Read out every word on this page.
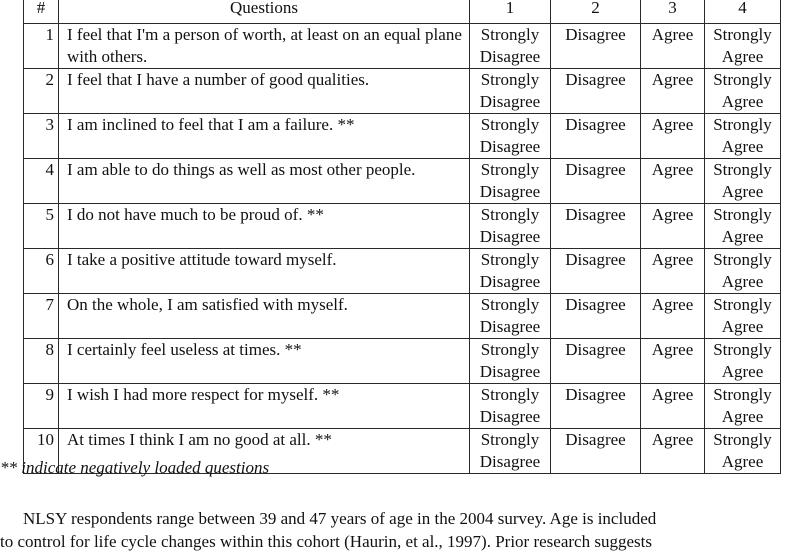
#	Questions	1	2	3	4
1	I feel that I'm a person of worth, at least on an equal plane with others.	Strongly Disagree	Disagree	Agree	Strongly Agree
2	I feel that I have a number of good qualities.	Strongly Disagree	Disagree	Agree	Strongly Agree
3	I am inclined to feel that I am a failure. **	Strongly Disagree	Disagree	Agree	Strongly Agree
4	I am able to do things as well as most other people.	Strongly Disagree	Disagree	Agree	Strongly Agree
5	I do not have much to be proud of. **	Strongly Disagree	Disagree	Agree	Strongly Agree
6	I take a positive attitude toward myself.	Strongly Disagree	Disagree	Agree	Strongly Agree
7	On the whole, I am satisfied with myself.	Strongly Disagree	Disagree	Agree	Strongly Agree
8	I certainly feel useless at times. **	Strongly Disagree	Disagree	Agree	Strongly Agree
9	I wish I had more respect for myself. **	Strongly Disagree	Disagree	Agree	Strongly Agree
10	At times I think I am no good at all. **	Strongly Disagree	Disagree	Agree	Strongly Agree
** indicate negatively loaded questions
NLSY respondents range between 39 and 47 years of age in the 2004 survey. Age is included
to control for life cycle changes within this cohort (Haurin, et al., 1997). Prior research suggests
